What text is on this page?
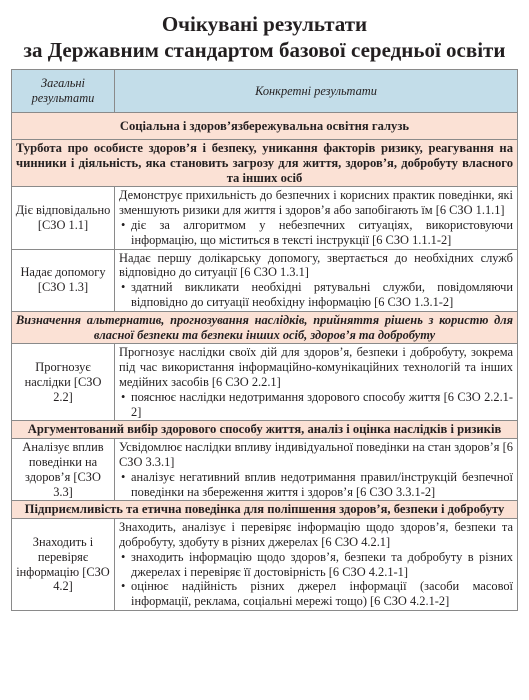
Очікувані результати
за Державним стандартом базової середньої освіти
Загальні результати	Конкретні результати
Соціальна і здоров’язбережувальна освітня галузь	
Турбота про особисте здоров’я і безпеку, уникання факторів ризику, реагування на чинники і діяльність, яка становить загрозу для життя, здоров’я, добробуту власного та інших осіб	
Діє відповідально [СЗО 1.1]	Демонструє прихильність до безпечних і корисних практик поведінки, які зменшують ризики для життя і здоров’я або запобігають їм [6 СЗО 1.1.1]
• діє за алгоритмом у небезпечних ситуаціях, використовуючи інформацію, що міститься в тексті інструкції [6 СЗО 1.1.1-2]

Надає допомогу [СЗО 1.3]	Надає першу долікарську допомогу, звертається до необхідних служб відповідно до ситуації [6 СЗО 1.3.1]
• здатний викликати необхідні рятувальні служби, повідомляючи відповідно до ситуації необхідну інформацію [6 СЗО 1.3.1-2]

Визначення альтернатив, прогнозування наслідків, прийняття рішень з користю для власної безпеки та безпеки інших осіб, здоров’я та добробуту	
Прогнозує наслідки [СЗО 2.2]	Прогнозує наслідки своїх дій для здоров’я, безпеки і добробуту, зокрема під час використання інформаційно-комунікаційних технологій та інших медійних засобів [6 СЗО 2.2.1]
• пояснює наслідки недотримання здорового способу життя [6 СЗО 2.2.1-2]

Аргументований вибір здорового способу життя, аналіз і оцінка наслідків і ризиків	
Аналізує вплив поведінки на здоров’я [СЗО 3.3]	Усвідомлює наслідки впливу індивідуальної поведінки на стан здоров’я [6 СЗО 3.3.1]
• аналізує негативний вплив недотримання правил/інструкцій безпечної поведінки на збереження життя і здоров’я [6 СЗО 3.3.1-2]

Підприємливість та етична поведінка для поліпшення здоров’я, безпеки і добробуту	
Знаходить і перевіряє інформацію [СЗО 4.2]	Знаходить, аналізує і перевіряє інформацію щодо здоров’я, безпеки та добробуту, здобуту в різних джерелах [6 СЗО 4.2.1]
• знаходить інформацію щодо здоров’я, безпеки та добробуту в різних джерелах і перевіряє її достовірність [6 СЗО 4.2.1-1]
• оцінює надійність різних джерел інформації (засоби масової інформації, реклама, соціальні мережі тощо) [6 СЗО 4.2.1-2]
